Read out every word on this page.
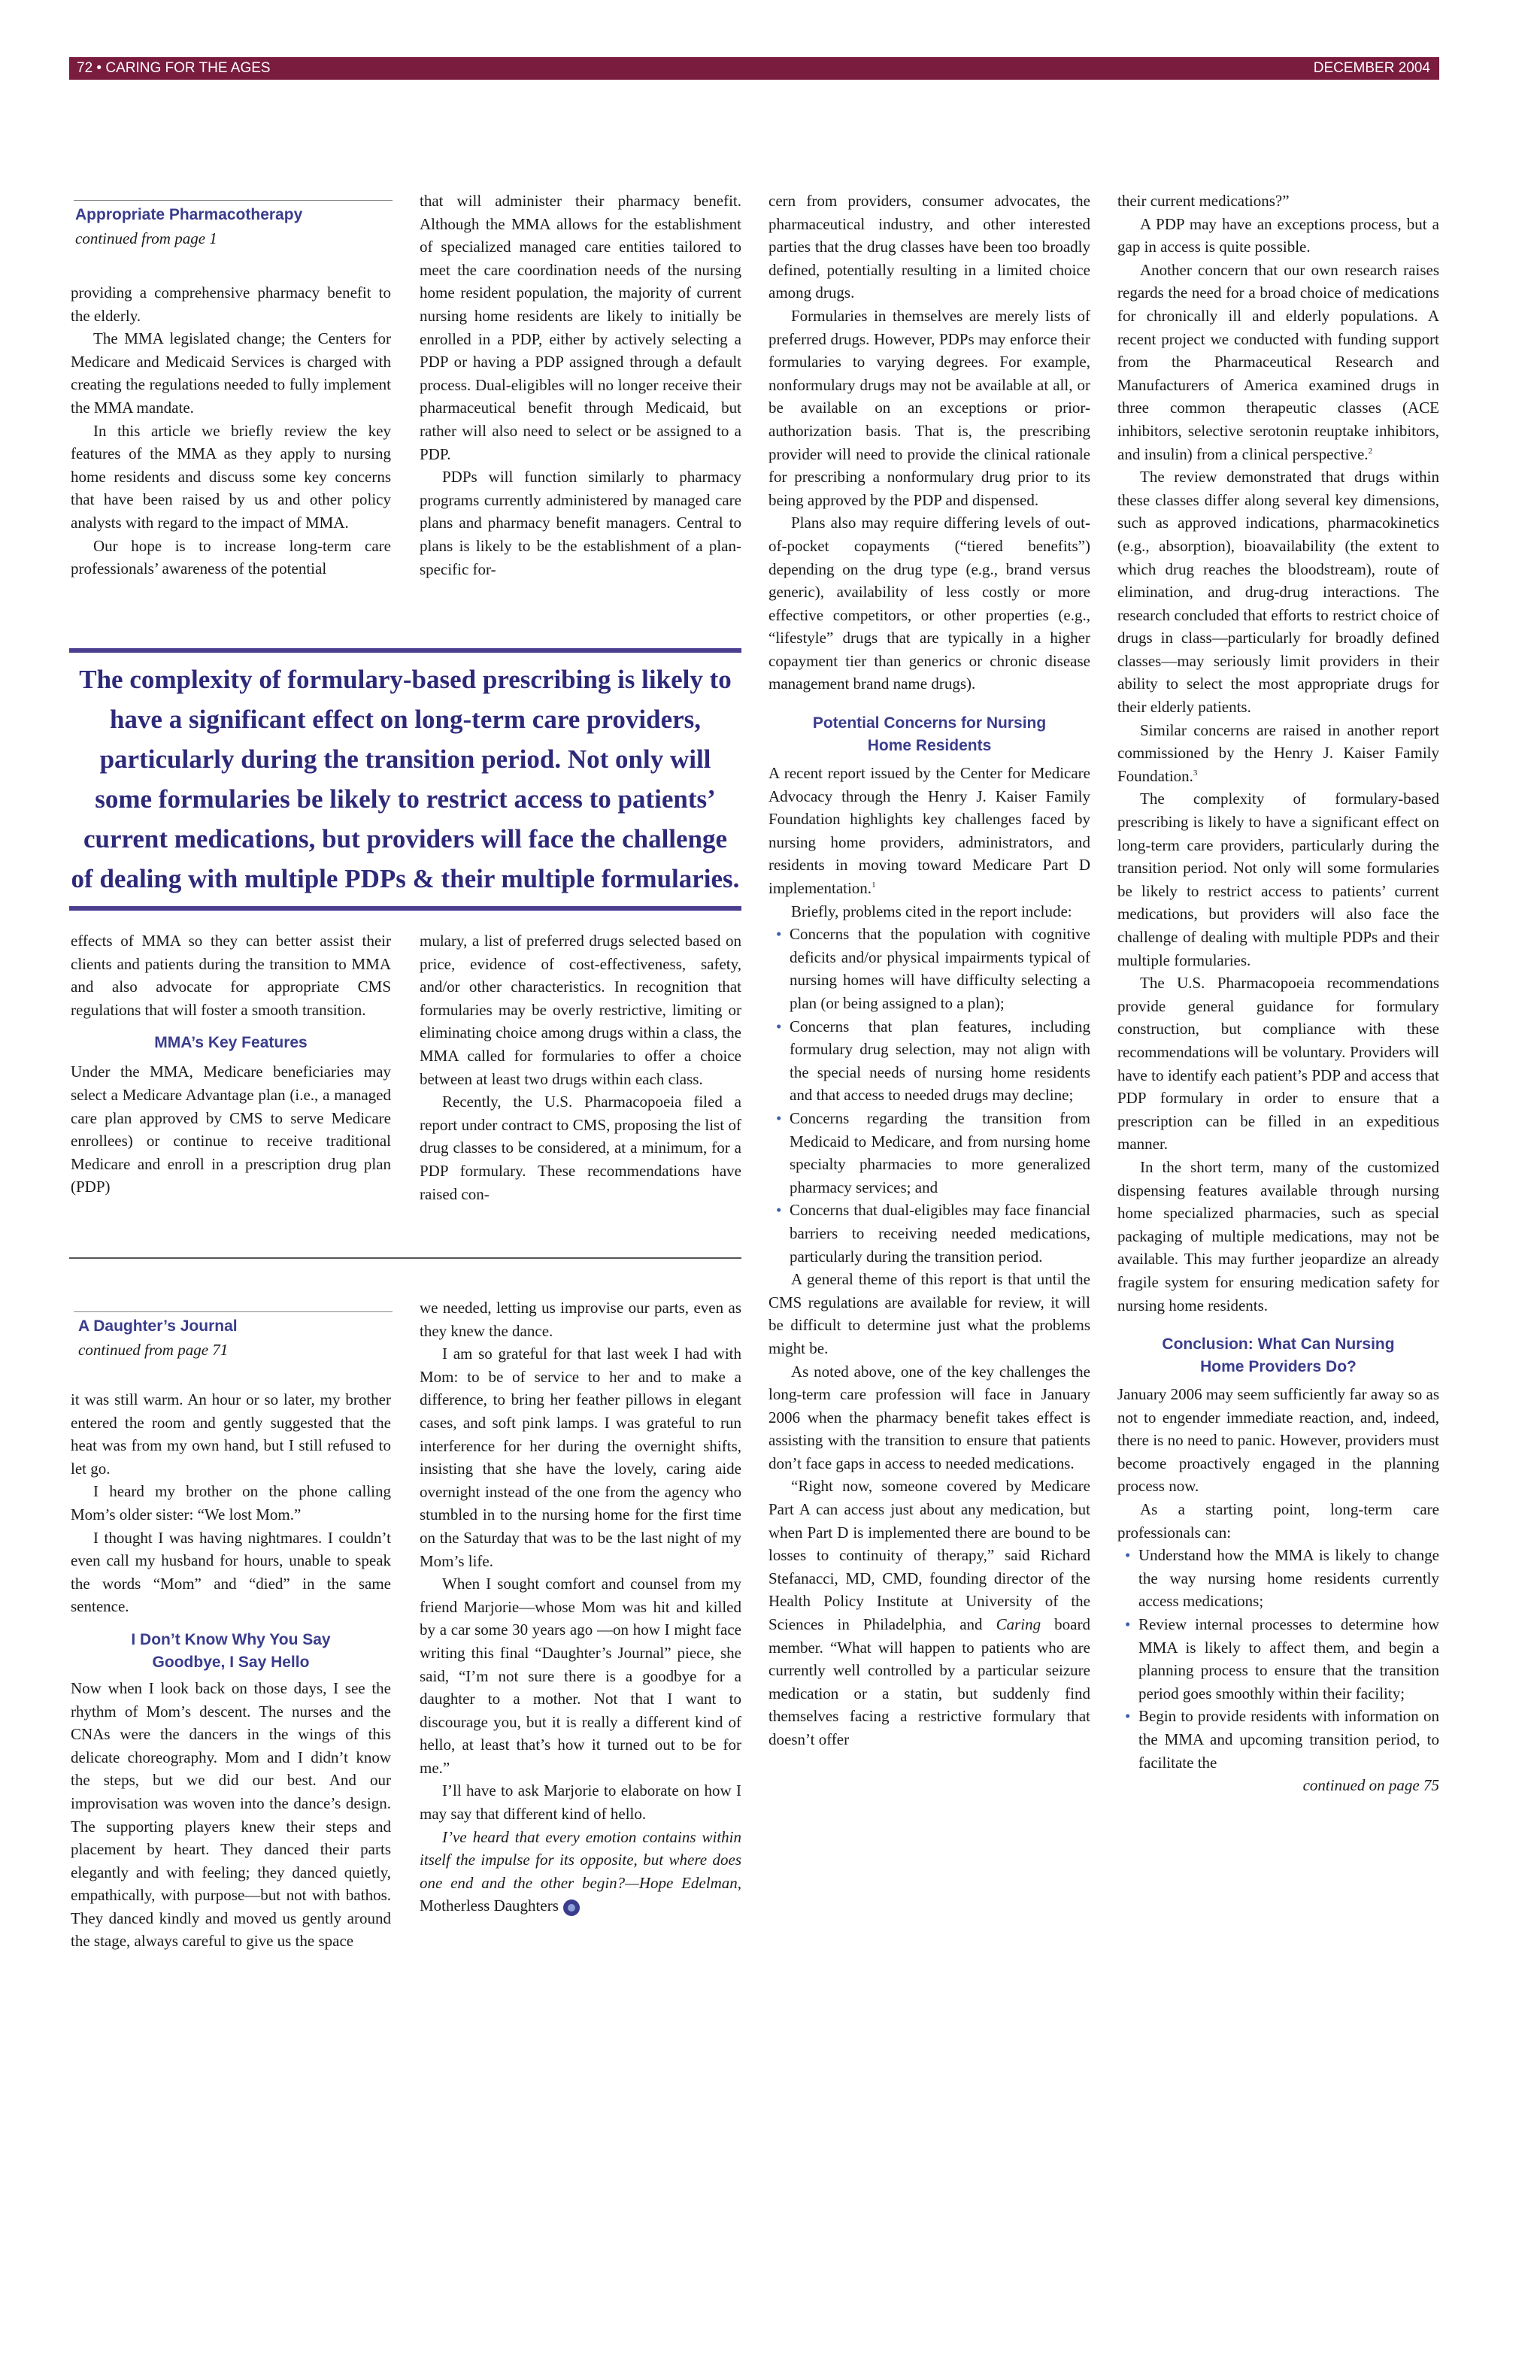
72 • CARING FOR THE AGES	DECEMBER 2004
Appropriate Pharmacotherapy
continued from page 1

providing a comprehensive pharmacy benefit to the elderly.

The MMA legislated change; the Centers for Medicare and Medicaid Services is charged with creating the regulations needed to fully implement the MMA mandate.

In this article we briefly review the key features of the MMA as they apply to nursing home residents and discuss some key concerns that have been raised by us and other policy analysts with regard to the impact of MMA.

Our hope is to increase long-term care professionals’ awareness of the potential

that will administer their pharmacy benefit. Although the MMA allows for the establishment of specialized managed care entities tailored to meet the care coordination needs of the nursing home resident population, the majority of current nursing home residents are likely to initially be enrolled in a PDP, either by actively selecting a PDP or having a PDP assigned through a default process. Dual-eligibles will no longer receive their pharmaceutical benefit through Medicaid, but rather will also need to select or be assigned to a PDP.

PDPs will function similarly to pharmacy programs currently administered by managed care plans and pharmacy benefit managers. Central to plans is likely to be the establishment of a plan-specific for-

The complexity of formulary-based prescribing is likely to have a significant effect on long-term care providers, particularly during the transition period. Not only will some formularies be likely to restrict access to patients’ current medications, but providers will face the challenge of dealing with multiple PDPs & their multiple formularies.

effects of MMA so they can better assist their clients and patients during the transition to MMA and also advocate for appropriate CMS regulations that will foster a smooth transition.

MMA’s Key Features

Under the MMA, Medicare beneficiaries may select a Medicare Advantage plan (i.e., a managed care plan approved by CMS to serve Medicare enrollees) or continue to receive traditional Medicare and enroll in a prescription drug plan (PDP)

mulary, a list of preferred drugs selected based on price, evidence of cost-effectiveness, safety, and/or other characteristics. In recognition that formularies may be overly restrictive, limiting or eliminating choice among drugs within a class, the MMA called for formularies to offer a choice between at least two drugs within each class.

Recently, the U.S. Pharmacopoeia filed a report under contract to CMS, proposing the list of drug classes to be considered, at a minimum, for a PDP formulary. These recommendations have raised con-

cern from providers, consumer advocates, the pharmaceutical industry, and other interested parties that the drug classes have been too broadly defined, potentially resulting in a limited choice among drugs.

Formularies in themselves are merely lists of preferred drugs. However, PDPs may enforce their formularies to varying degrees. For example, nonformulary drugs may not be available at all, or be available on an exceptions or prior-authorization basis. That is, the prescribing provider will need to provide the clinical rationale for prescribing a nonformulary drug prior to its being approved by the PDP and dispensed.

Plans also may require differing levels of out-of-pocket copayments (“tiered benefits”) depending on the drug type (e.g., brand versus generic), availability of less costly or more effective competitors, or other properties (e.g., “lifestyle” drugs that are typically in a higher copayment tier than generics or chronic disease management brand name drugs).

Potential Concerns for Nursing Home Residents

A recent report issued by the Center for Medicare Advocacy through the Henry J. Kaiser Family Foundation highlights key challenges faced by nursing home providers, administrators, and residents in moving toward Medicare Part D implementation.$^1$

Briefly, problems cited in the report include:

• Concerns that the population with cognitive deficits and/or physical impairments typical of nursing homes will have difficulty selecting a plan (or being assigned to a plan);
• Concerns that plan features, including formulary drug selection, may not align with the special needs of nursing home residents and that access to needed drugs may decline;
• Concerns regarding the transition from Medicaid to Medicare, and from nursing home specialty pharmacies to more generalized pharmacy services; and
• Concerns that dual-eligibles may face financial barriers to receiving needed medications, particularly during the transition period.

A general theme of this report is that until the CMS regulations are available for review, it will be difficult to determine just what the problems might be.

As noted above, one of the key challenges the long-term care profession will face in January 2006 when the pharmacy benefit takes effect is assisting with the transition to ensure that patients don’t face gaps in access to needed medications.

“Right now, someone covered by Medicare Part A can access just about any medication, but when Part D is implemented there are bound to be losses to continuity of therapy,” said Richard Stefanacci, MD, CMD, founding director of the Health Policy Institute at University of the Sciences in Philadelphia, and Caring board member. “What will happen to patients who are currently well controlled by a particular seizure medication or a statin, but suddenly find themselves facing a restrictive formulary that doesn’t offer

their current medications?”

A PDP may have an exceptions process, but a gap in access is quite possible.

Another concern that our own research raises regards the need for a broad choice of medications for chronically ill and elderly populations. A recent project we conducted with funding support from the Pharmaceutical Research and Manufacturers of America examined drugs in three common therapeutic classes (ACE inhibitors, selective serotonin reuptake inhibitors, and insulin) from a clinical perspective.$^2$

The review demonstrated that drugs within these classes differ along several key dimensions, such as approved indications, pharmacokinetics (e.g., absorption), bioavailability (the extent to which drug reaches the bloodstream), route of elimination, and drug-drug interactions. The research concluded that efforts to restrict choice of drugs in class—particularly for broadly defined classes—may seriously limit providers in their ability to select the most appropriate drugs for their elderly patients.

Similar concerns are raised in another report commissioned by the Henry J. Kaiser Family Foundation.$^3$

The complexity of formulary-based prescribing is likely to have a significant effect on long-term care providers, particularly during the transition period. Not only will some formularies be likely to restrict access to patients’ current medications, but providers will also face the challenge of dealing with multiple PDPs and their multiple formularies.

The U.S. Pharmacopoeia recommendations provide general guidance for formulary construction, but compliance with these recommendations will be voluntary. Providers will have to identify each patient’s PDP and access that PDP formulary in order to ensure that a prescription can be filled in an expeditious manner.

In the short term, many of the customized dispensing features available through nursing home specialized pharmacies, such as special packaging of multiple medications, may not be available. This may further jeopardize an already fragile system for ensuring medication safety for nursing home residents.

Conclusion: What Can Nursing Home Providers Do?

January 2006 may seem sufficiently far away so as not to engender immediate reaction, and, indeed, there is no need to panic. However, providers must become proactively engaged in the planning process now.

As a starting point, long-term care professionals can:

• Understand how the MMA is likely to change the way nursing home residents currently access medications;
• Review internal processes to determine how MMA is likely to affect them, and begin a planning process to ensure that the transition period goes smoothly within their facility;
• Begin to provide residents with information on the MMA and upcoming transition period, to facilitate the
continued on page 75
A Daughter’s Journal
continued from page 71

it was still warm. An hour or so later, my brother entered the room and gently suggested that the heat was from my own hand, but I still refused to let go.

I heard my brother on the phone calling Mom’s older sister: “We lost Mom.”

I thought I was having nightmares. I couldn’t even call my husband for hours, unable to speak the words “Mom” and “died” in the same sentence.

I Don’t Know Why You Say Goodbye, I Say Hello

Now when I look back on those days, I see the rhythm of Mom’s descent. The nurses and the CNAs were the dancers in the wings of this delicate choreography. Mom and I didn’t know the steps, but we did our best. And our improvisation was woven into the dance’s design. The supporting players knew their steps and placement by heart. They danced their parts elegantly and with feeling; they danced quietly, empathically, with purpose—but not with bathos. They danced kindly and moved us gently around the stage, always careful to give us the space

we needed, letting us improvise our parts, even as they knew the dance.

I am so grateful for that last week I had with Mom: to be of service to her and to make a difference, to bring her feather pillows in elegant cases, and soft pink lamps. I was grateful to run interference for her during the overnight shifts, insisting that she have the lovely, caring aide overnight instead of the one from the agency who stumbled in to the nursing home for the first time on the Saturday that was to be the last night of my Mom’s life.

When I sought comfort and counsel from my friend Marjorie—whose Mom was hit and killed by a car some 30 years ago —on how I might face writing this final “Daughter’s Journal” piece, she said, “I’m not sure there is a goodbye for a daughter to a mother. Not that I want to discourage you, but it is really a different kind of hello, at least that’s how it turned out to be for me.”

I’ll have to ask Marjorie to elaborate on how I may say that different kind of hello.

I’ve heard that every emotion contains within itself the impulse for its opposite, but where does one end and the other begin?—Hope Edelman, Motherless Daughters
